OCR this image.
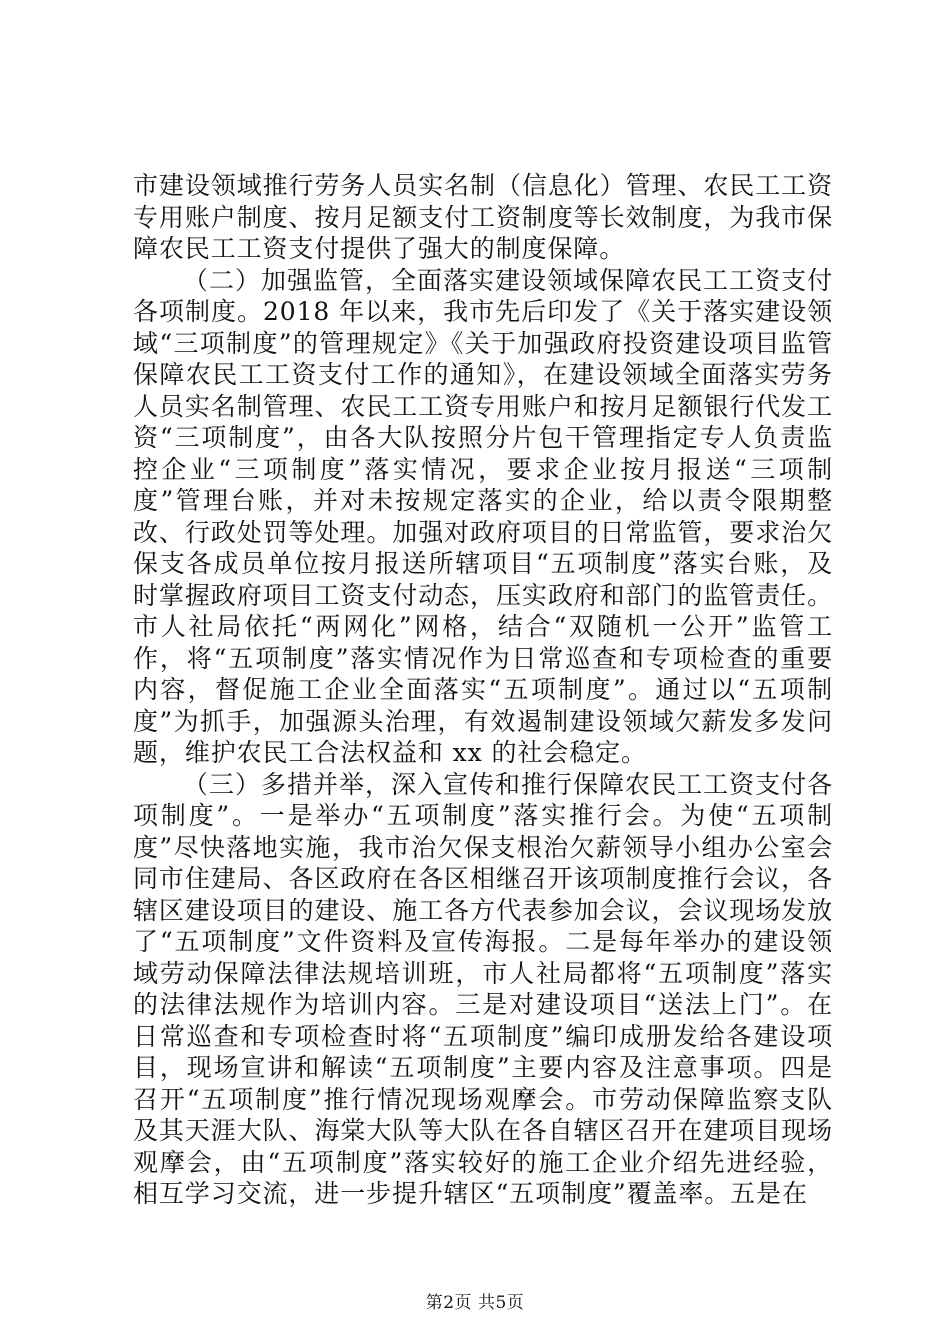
市建设领域推行劳务人员实名制（信息化）管理、农民工工资专用账户制度、按月足额支付工资制度等长效制度，为我市保障农民工工资支付提供了强大的制度保障。

（二）加强监管，全面落实建设领域保障农民工工资支付各项制度。2018 年以来，我市先后印发了《关于落实建设领域“三项制度”的管理规定》《关于加强政府投资建设项目监管保障农民工工资支付工作的通知》，在建设领域全面落实劳务人员实名制管理、农民工工资专用账户和按月足额银行代发工资“三项制度”，由各大队按照分片包干管理指定专人负责监控企业“三项制度”落实情况，要求企业按月报送“三项制度”管理台账，并对未按规定落实的企业，给以责令限期整改、行政处罚等处理。加强对政府项目的日常监管，要求治欠保支各成员单位按月报送所辖项目“五项制度”落实台账，及时掌握政府项目工资支付动态，压实政府和部门的监管责任。市人社局依托“两网化”网格，结合“双随机一公开”监管工作，将“五项制度”落实情况作为日常巡查和专项检查的重要内容，督促施工企业全面落实“五项制度”。通过以“五项制度”为抓手，加强源头治理，有效遏制建设领域欠薪发多发问题，维护农民工合法权益和 xx 的社会稳定。

（三）多措并举，深入宣传和推行保障农民工工资支付各项制度”。一是举办“五项制度”落实推行会。为使“五项制度”尽快落地实施，我市治欠保支根治欠薪领导小组办公室会同市住建局、各区政府在各区相继召开该项制度推行会议，各辖区建设项目的建设、施工各方代表参加会议，会议现场发放了“五项制度”文件资料及宣传海报。二是每年举办的建设领域劳动保障法律法规培训班，市人社局都将“五项制度”落实的法律法规作为培训内容。三是对建设项目“送法上门”。在日常巡查和专项检查时将“五项制度”编印成册发给各建设项目，现场宣讲和解读“五项制度”主要内容及注意事项。四是召开“五项制度”推行情况现场观摩会。市劳动保障监察支队及其天涯大队、海棠大队等大队在各自辖区召开在建项目现场观摩会，由“五项制度”落实较好的施工企业介绍先进经验，相互学习交流，进一步提升辖区“五项制度”覆盖率。五是在

第2页 共5页
